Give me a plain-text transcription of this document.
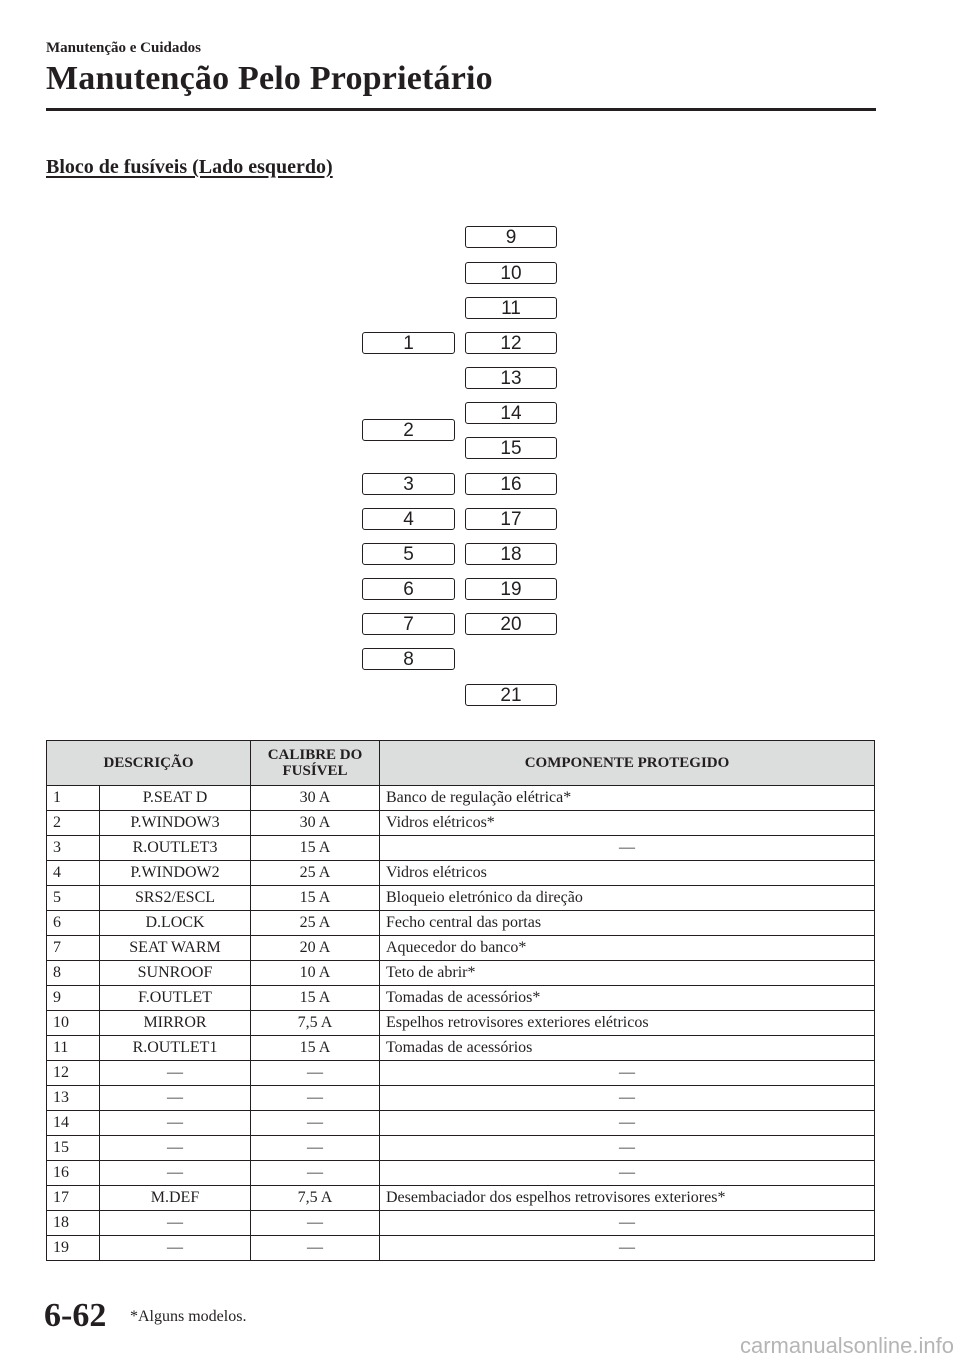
Manutenção e Cuidados
Manutenção Pelo Proprietário
Bloco de fusíveis (Lado esquerdo)
1
2
3
4
5
6
7
8
9
10
11
12
13
14
15
16
17
18
19
20
21
DESCRIÇÃO		CALIBRE DO FUSÍVEL	COMPONENTE PROTEGIDO
1	P.SEAT D	30 A	Banco de regulação elétrica*
2	P.WINDOW3	30 A	Vidros elétricos*
3	R.OUTLET3	15 A	—
4	P.WINDOW2	25 A	Vidros elétricos
5	SRS2/ESCL	15 A	Bloqueio eletrónico da direção
6	D.LOCK	25 A	Fecho central das portas
7	SEAT WARM	20 A	Aquecedor do banco*
8	SUNROOF	10 A	Teto de abrir*
9	F.OUTLET	15 A	Tomadas de acessórios*
10	MIRROR	7,5 A	Espelhos retrovisores exteriores elétricos
11	R.OUTLET1	15 A	Tomadas de acessórios
12	—	—	—
13	—	—	—
14	—	—	—
15	—	—	—
16	—	—	—
17	M.DEF	7,5 A	Desembaciador dos espelhos retrovisores exteriores*
18	—	—	—
19	—	—	—
6-62 *Alguns modelos.
carmanualsonline.info
